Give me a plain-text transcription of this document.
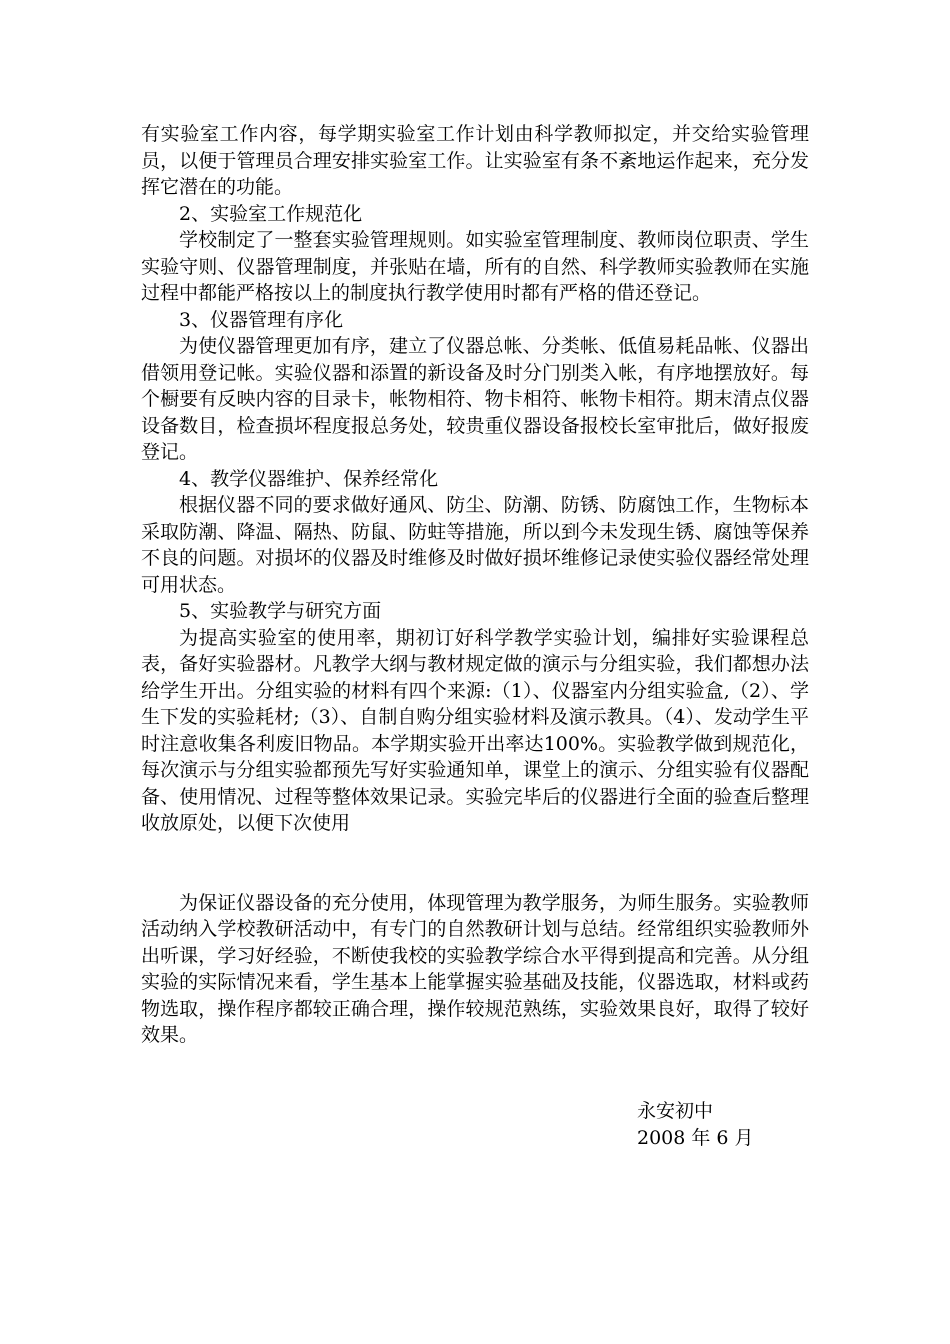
有实验室工作内容，每学期实验室工作计划由科学教师拟定，并交给实验管理员，以便于管理员合理安排实验室工作。让实验室有条不紊地运作起来，充分发挥它潜在的功能。

2、实验室工作规范化

学校制定了一整套实验管理规则。如实验室管理制度、教师岗位职责、学生实验守则、仪器管理制度，并张贴在墙，所有的自然、科学教师实验教师在实施过程中都能严格按以上的制度执行教学使用时都有严格的借还登记。

3、仪器管理有序化

为使仪器管理更加有序，建立了仪器总帐、分类帐、低值易耗品帐、仪器出借领用登记帐。实验仪器和添置的新设备及时分门别类入帐，有序地摆放好。每个橱要有反映内容的目录卡，帐物相符、物卡相符、帐物卡相符。期末清点仪器设备数目，检查损坏程度报总务处，较贵重仪器设备报校长室审批后，做好报废登记。

4、教学仪器维护、保养经常化

根据仪器不同的要求做好通风、防尘、防潮、防锈、防腐蚀工作，生物标本采取防潮、降温、隔热、防鼠、防蛀等措施，所以到今未发现生锈、腐蚀等保养不良的问题。对损坏的仪器及时维修及时做好损坏维修记录使实验仪器经常处理可用状态。

5、实验教学与研究方面

为提高实验室的使用率，期初订好科学教学实验计划，编排好实验课程总表，备好实验器材。凡教学大纲与教材规定做的演示与分组实验，我们都想办法给学生开出。分组实验的材料有四个来源:（1）、仪器室内分组实验盒,（2）、学生下发的实验耗材;（3）、自制自购分组实验材料及演示教具。（4）、发动学生平时注意收集各利废旧物品。本学期实验开出率达100%。实验教学做到规范化，每次演示与分组实验都预先写好实验通知单，课堂上的演示、分组实验有仪器配备、使用情况、过程等整体效果记录。实验完毕后的仪器进行全面的验查后整理收放原处，以便下次使用

为保证仪器设备的充分使用，体现管理为教学服务，为师生服务。实验教师活动纳入学校教研活动中，有专门的自然教研计划与总结。经常组织实验教师外出听课，学习好经验，不断使我校的实验教学综合水平得到提高和完善。从分组实验的实际情况来看，学生基本上能掌握实验基础及技能，仪器选取，材料或药物选取，操作程序都较正确合理，操作较规范熟练，实验效果良好，取得了较好效果。

永安初中
2008 年 6 月
